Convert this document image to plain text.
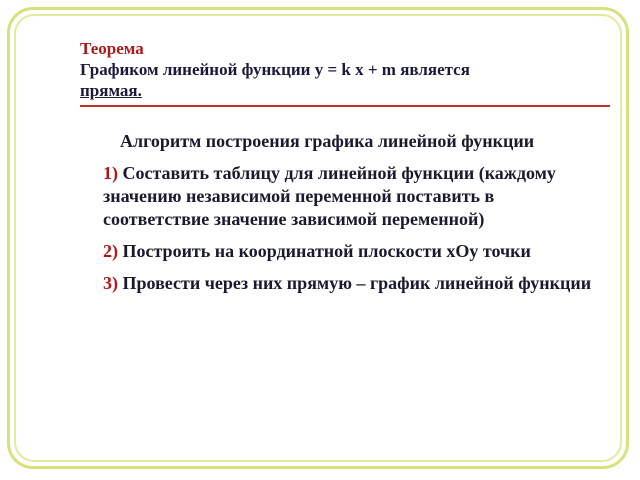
Теорема
Графиком линейной функции y = k x + m является
прямая.
Алгоритм построения графика линейной функции
1) Составить таблицу для линейной функции (каждому значению независимой переменной поставить в соответствие значение зависимой переменной)
2) Построить на координатной плоскости хОу точки
3) Провести через них прямую – график линейной функции
